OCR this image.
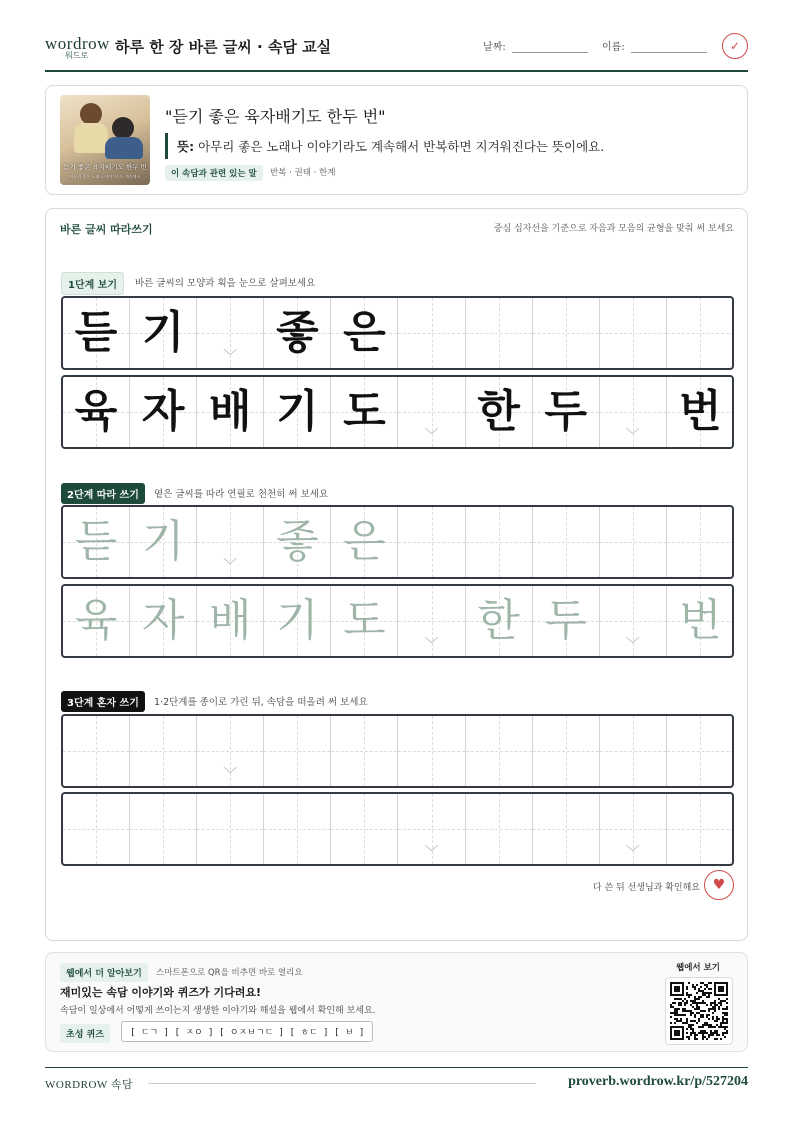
wordrow
워드로 하루 한 장 바른 글씨 · 속담 교실	날짜:	이름:	✓
듣기 좋은 육자배기도 한두 번
아무리 좋은 노래나 이야기라도 계속해서
"듣기 좋은 육자배기도 한두 번"
뜻: 아무리 좋은 노래나 이야기라도 계속해서 반복하면 지겨워진다는 뜻이에요.
이 속담과 관련 있는 말	반복 · 권태 · 한계
바른 글씨 따라쓰기	중심 십자선을 기준으로 자음과 모음의 균형을 맞춰 써 보세요
1단계 보기	바른 글씨의 모양과 획을 눈으로 살펴보세요
듣 기	﹀ 좋 은
육 자 배 기 도	﹀ 한 두	﹀ 번
2단계 따라 쓰기	옅은 글씨를 따라 연필로 천천히 써 보세요
듣 기	﹀ 좋 은
육 자 배 기 도	﹀ 한 두	﹀ 번
3단계 혼자 쓰기	1·2단계를 종이로 가린 뒤, 속담을 떠올려 써 보세요
﹀
﹀	﹀
다 쓴 뒤 선생님과 확인해요 ♥
웹에서 더 알아보기	스마트폰으로 QR을 비추면 바로 열리요
재미있는 속담 이야기와 퀴즈가 기다려요!
속담이 일상에서 어떻게 쓰이는지 생생한 이야기와 해설을 웹에서 확인해 보세요.
초성 퀴즈	[ ㄷㄱ ] [ ㅈㅇ ] [ ㅇㅈㅂㄱㄷ ] [ ㅎㄷ ] [ ㅂ ]
웹에서 보기
WORDROW 속담	proverb.wordrow.kr/p/527204
